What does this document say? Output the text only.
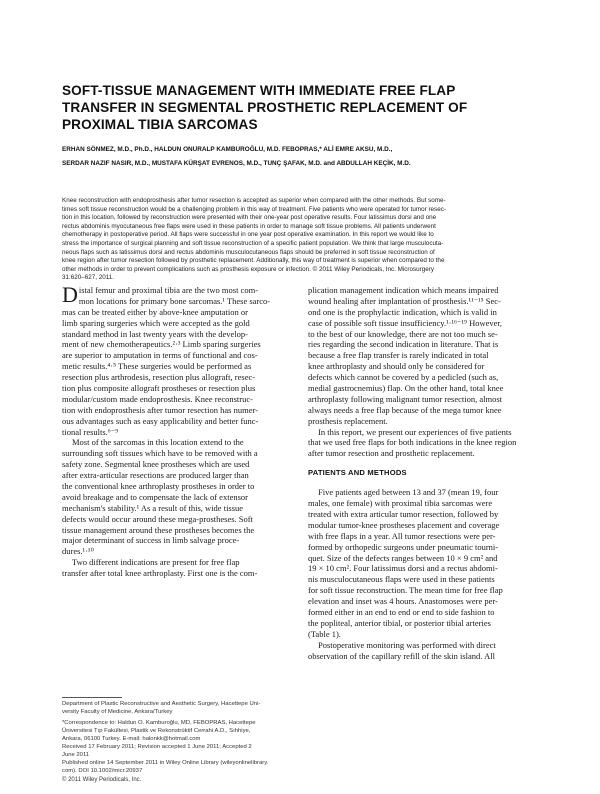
SOFT-TISSUE MANAGEMENT WITH IMMEDIATE FREE FLAP
TRANSFER IN SEGMENTAL PROSTHETIC REPLACEMENT OF
PROXIMAL TIBIA SARCOMAS
ERHAN SÖNMEZ, M.D., Ph.D., HALDUN ONURALP KAMBUROĞLU, M.D. FEBOPRAS,* ALİ EMRE AKSU, M.D.,
SERDAR NAZIF NASIR, M.D., MUSTAFA KÜRŞAT EVRENOS, M.D., TUNÇ ŞAFAK, M.D. and ABDULLAH KEÇİK, M.D.
Knee reconstruction with endoprosthesis after tumor resection is accepted as superior when compared with the other methods. But some-
times soft tissue reconstruction would be a challenging problem in this way of treatment. Five patients who were operated for tumor resec-
tion in this location, followed by reconstruction were presented with their one-year post operative results. Four latissimus dorsi and one
rectus abdominis myocutaneous free flaps were used in these patients in order to manage soft tissue problems. All patients underwent
chemotherapy in postoperative period. All flaps were successful in one year post operative examination. In this report we would like to
stress the importance of surgical planning and soft tissue reconstruction of a specific patient population. We think that large musculocuta-
neous flaps such as latissimus dorsi and rectus abdominis musculocutaneous flaps should be preferred in soft tissue reconstruction of
knee region after tumor resection followed by prosthetic replacement. Additionally, this way of treatment is superior when compared to the
other methods in order to prevent complications such as prosthesis exposure or infection. © 2011 Wiley Periodicals, Inc. Microsurgery
31:620–627, 2011.
D istal femur and proximal tibia are the two most com-
mon locations for primary bone sarcomas.¹ These sarco-
mas can be treated either by above-knee amputation or
limb sparing surgeries which were accepted as the gold
standard method in last twenty years with the develop-
ment of new chemotherapeutics.²·³ Limb sparing surgeries
are superior to amputation in terms of functional and cos-
metic results.⁴·⁵ These surgeries would be performed as
resection plus arthrodesis, resection plus allograft, resec-
tion plus composite allograft prostheses or resection plus
modular/custom made endoprosthesis. Knee reconstruc-
tion with endoprosthesis after tumor resection has numer-
ous advantages such as easy applicability and better func-
tional results.⁶⁻⁹
Most of the sarcomas in this location extend to the
surrounding soft tissues which have to be removed with a
safety zone. Segmental knee prostheses which are used
after extra-articular resections are produced larger than
the conventional knee arthroplasty prostheses in order to
avoid breakage and to compensate the lack of extensor
mechanism's stability.¹ As a result of this, wide tissue
defects would occur around these mega-prostheses. Soft
tissue management around these prostheses becomes the
major determinant of success in limb salvage proce-
dures.¹·¹⁰
Two different indications are present for free flap
transfer after total knee arthroplasty. First one is the com-
plication management indication which means impaired
wound healing after implantation of prosthesis.¹¹⁻¹⁵ Sec-
ond one is the prophylactic indication, which is valid in
case of possible soft tissue insufficiency.¹·¹⁶⁻¹⁹ However,
to the best of our knowledge, there are not too much se-
ries regarding the second indication in literature. That is
because a free flap transfer is rarely indicated in total
knee arthroplasty and should only be considered for
defects which cannot be covered by a pedicled (such as,
medial gastrocnemius) flap. On the other hand, total knee
arthroplasty following malignant tumor resection, almost
always needs a free flap because of the mega tumor knee
prosthesis replacement.
In this report, we present our experiences of five patients
that we used free flaps for both indications in the knee region
after tumor resection and prosthetic replacement.
PATIENTS AND METHODS
Five patients aged between 13 and 37 (mean 19, four
males, one female) with proximal tibia sarcomas were
treated with extra articular tumor resection, followed by
modular tumor-knee prostheses placement and coverage
with free flaps in a year. All tumor resections were per-
formed by orthopedic surgeons under pneumatic tourni-
quet. Size of the defects ranges between 10 × 9 cm² and
19 × 10 cm². Four latissimus dorsi and a rectus abdomi-
nis musculocutaneous flaps were used in these patients
for soft tissue reconstruction. The mean time for free flap
elevation and inset was 4 hours. Anastomoses were per-
formed either in an end to end or end to side fashion to
the popliteal, anterior tibial, or posterior tibial arteries
(Table 1).
Postoperative monitoring was performed with direct
observation of the capillary refill of the skin island. All
Department of Plastic Reconstructive and Aesthetic Surgery, Hacettepe Uni-
versity Faculty of Medicine, Ankara/Turkey
*Correspondence to: Haldun O. Kamburoğlu, MD, FEBOPRAS, Hacettepe
Üniversitesi Tıp Fakültesi, Plastik ve Rekonstrüktif Cerrahi A.D., Sıhhiye,
Ankara, 06100 Turkey. E-mail: halonkk@hotmail.com
Received 17 February 2011; Revision accepted 1 June 2011; Accepted 2
June 2011
Published online 14 September 2011 in Wiley Online Library (wileyonlinelibrary.
com). DOI 10.1002/micr.20937
© 2011 Wiley Periodicals, Inc.
